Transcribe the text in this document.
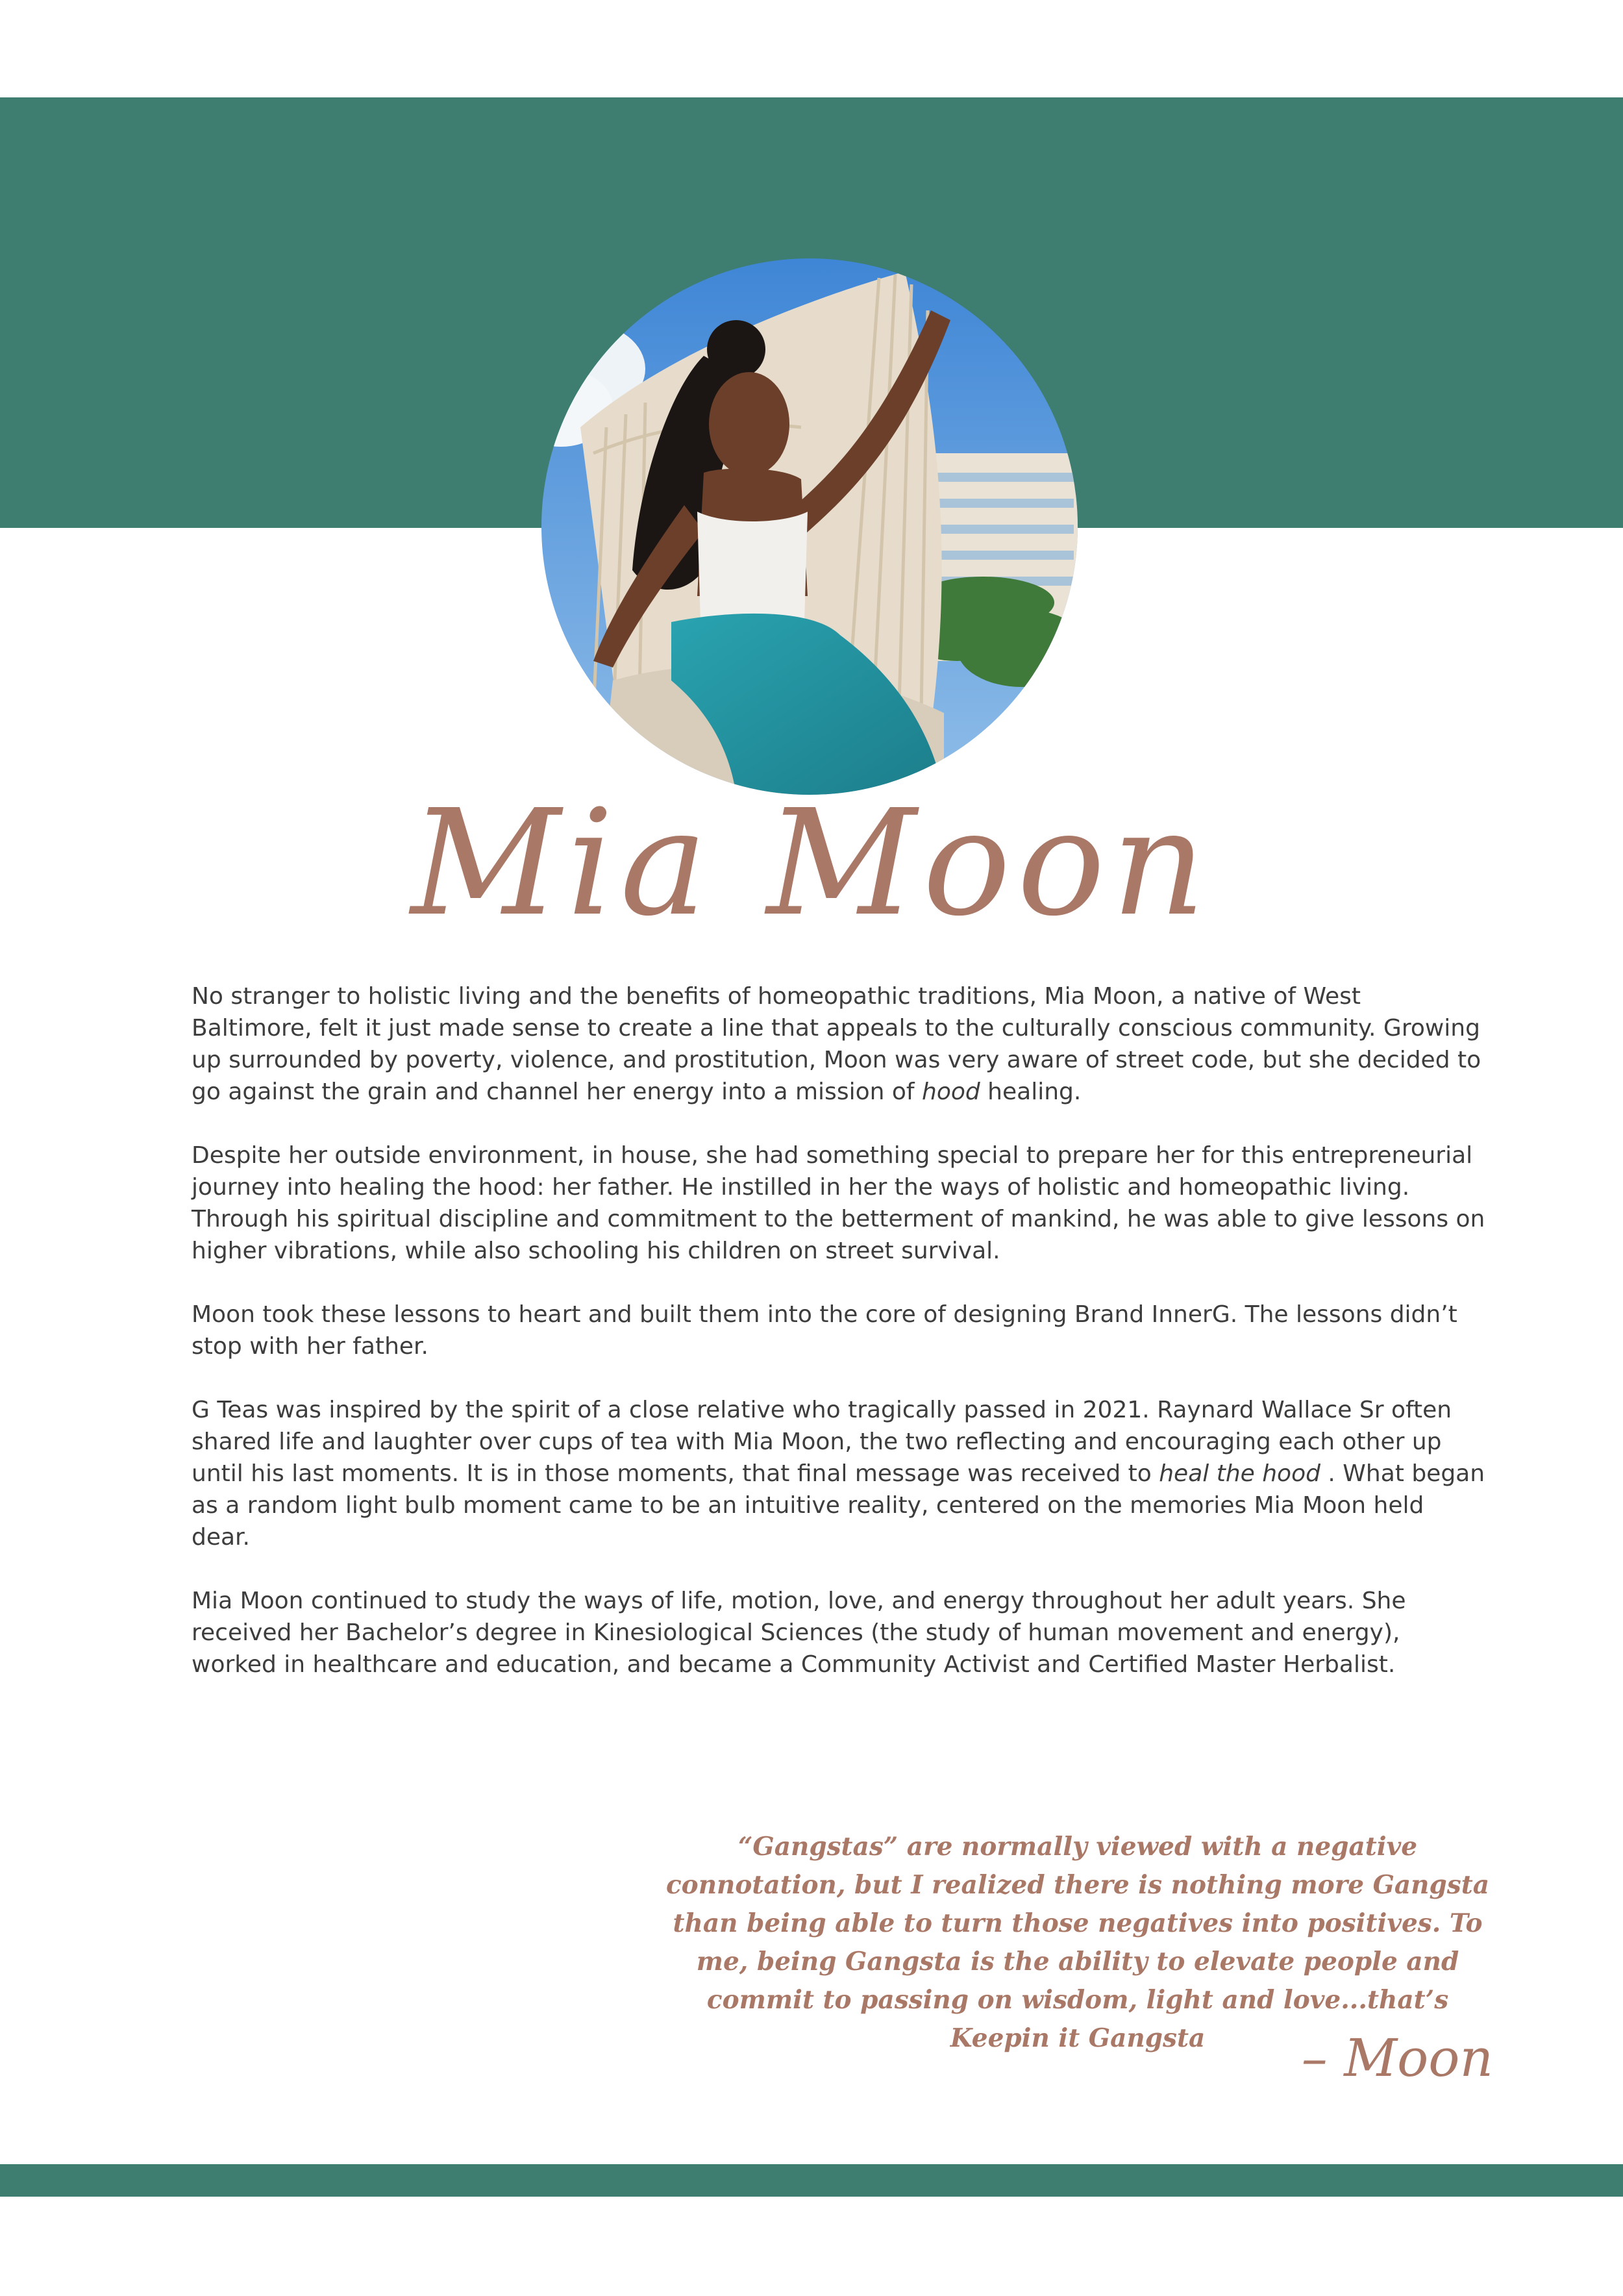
Mia Moon

No stranger to holistic living and the benefits of homeopathic traditions, Mia Moon, a native of West Baltimore, felt it just made sense to create a line that appeals to the culturally conscious community. Growing up surrounded by poverty, violence, and prostitution, Moon was very aware of street code, but she decided to go against the grain and channel her energy into a mission of hood healing.

Despite her outside environment, in house, she had something special to prepare her for this entrepreneurial journey into healing the hood: her father. He instilled in her the ways of holistic and homeopathic living. Through his spiritual discipline and commitment to the betterment of mankind, he was able to give lessons on higher vibrations, while also schooling his children on street survival.

Moon took these lessons to heart and built them into the core of designing Brand InnerG. The lessons didn’t stop with her father.

G Teas was inspired by the spirit of a close relative who tragically passed in 2021. Raynard Wallace Sr often shared life and laughter over cups of tea with Mia Moon, the two reflecting and encouraging each other up until his last moments. It is in those moments, that final message was received to heal the hood . What began as a random light bulb moment came to be an intuitive reality, centered on the memories Mia Moon held dear.

Mia Moon continued to study the ways of life, motion, love, and energy throughout her adult years. She received her Bachelor’s degree in Kinesiological Sciences (the study of human movement and energy), worked in healthcare and education, and became a Community Activist and Certified Master Herbalist.

“Gangstas” are normally viewed with a negative connotation, but I realized there is nothing more Gangsta than being able to turn those negatives into positives. To me, being Gangsta is the ability to elevate people and commit to passing on wisdom, light and love...that’s Keepin it Gangsta	– Moon
